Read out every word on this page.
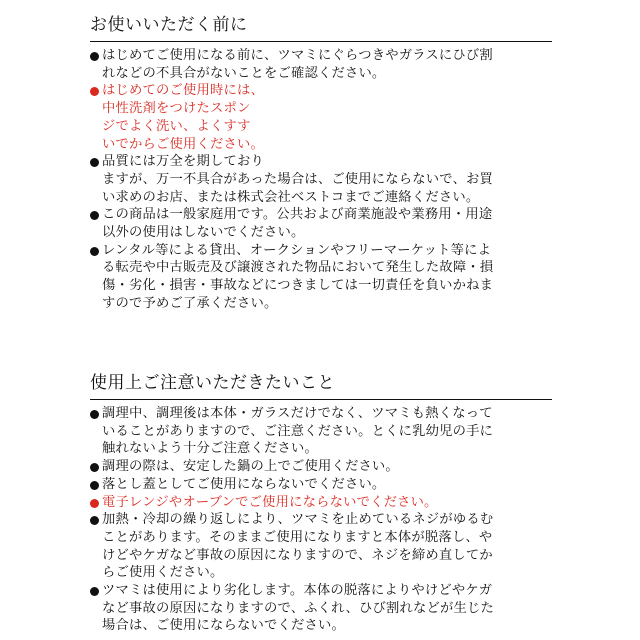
お使いいただく前に
はじめてご使用になる前に、ツマミにぐらつきやガラスにひび割
れなどの不具合がないことをご確認ください。
はじめてのご使用時には、
中性洗剤をつけたスポン
ジでよく洗い、よくすす
いでからご使用ください。
品質には万全を期しており
ますが、万一不具合があった場合は、ご使用にならないで、お買
い求めのお店、または株式会社ベストコまでご連絡ください。
この商品は一般家庭用です。公共および商業施設や業務用・用途
以外の使用はしないでください。
レンタル等による貸出、オークションやフリーマーケット等によ
る転売や中古販売及び譲渡された物品において発生した故障・損
傷・劣化・損害・事故などにつきましては一切責任を負いかねま
すので予めご了承ください。
使用上ご注意いただきたいこと
調理中、調理後は本体・ガラスだけでなく、ツマミも熱くなって
いることがありますので、ご注意ください。とくに乳幼児の手に
触れないよう十分ご注意ください。
調理の際は、安定した鍋の上でご使用ください。
落とし蓋としてご使用にならないでください。
電子レンジやオーブンでご使用にならないでください。
加熱・冷却の繰り返しにより、ツマミを止めているネジがゆるむ
ことがあります。そのままご使用になりますと本体が脱落し、や
けどやケガなど事故の原因になりますので、ネジを締め直してか
らご使用ください。
ツマミは使用により劣化します。本体の脱落によりやけどやケガ
など事故の原因になりますので、ふくれ、ひび割れなどが生じた
場合は、ご使用にならないでください。
